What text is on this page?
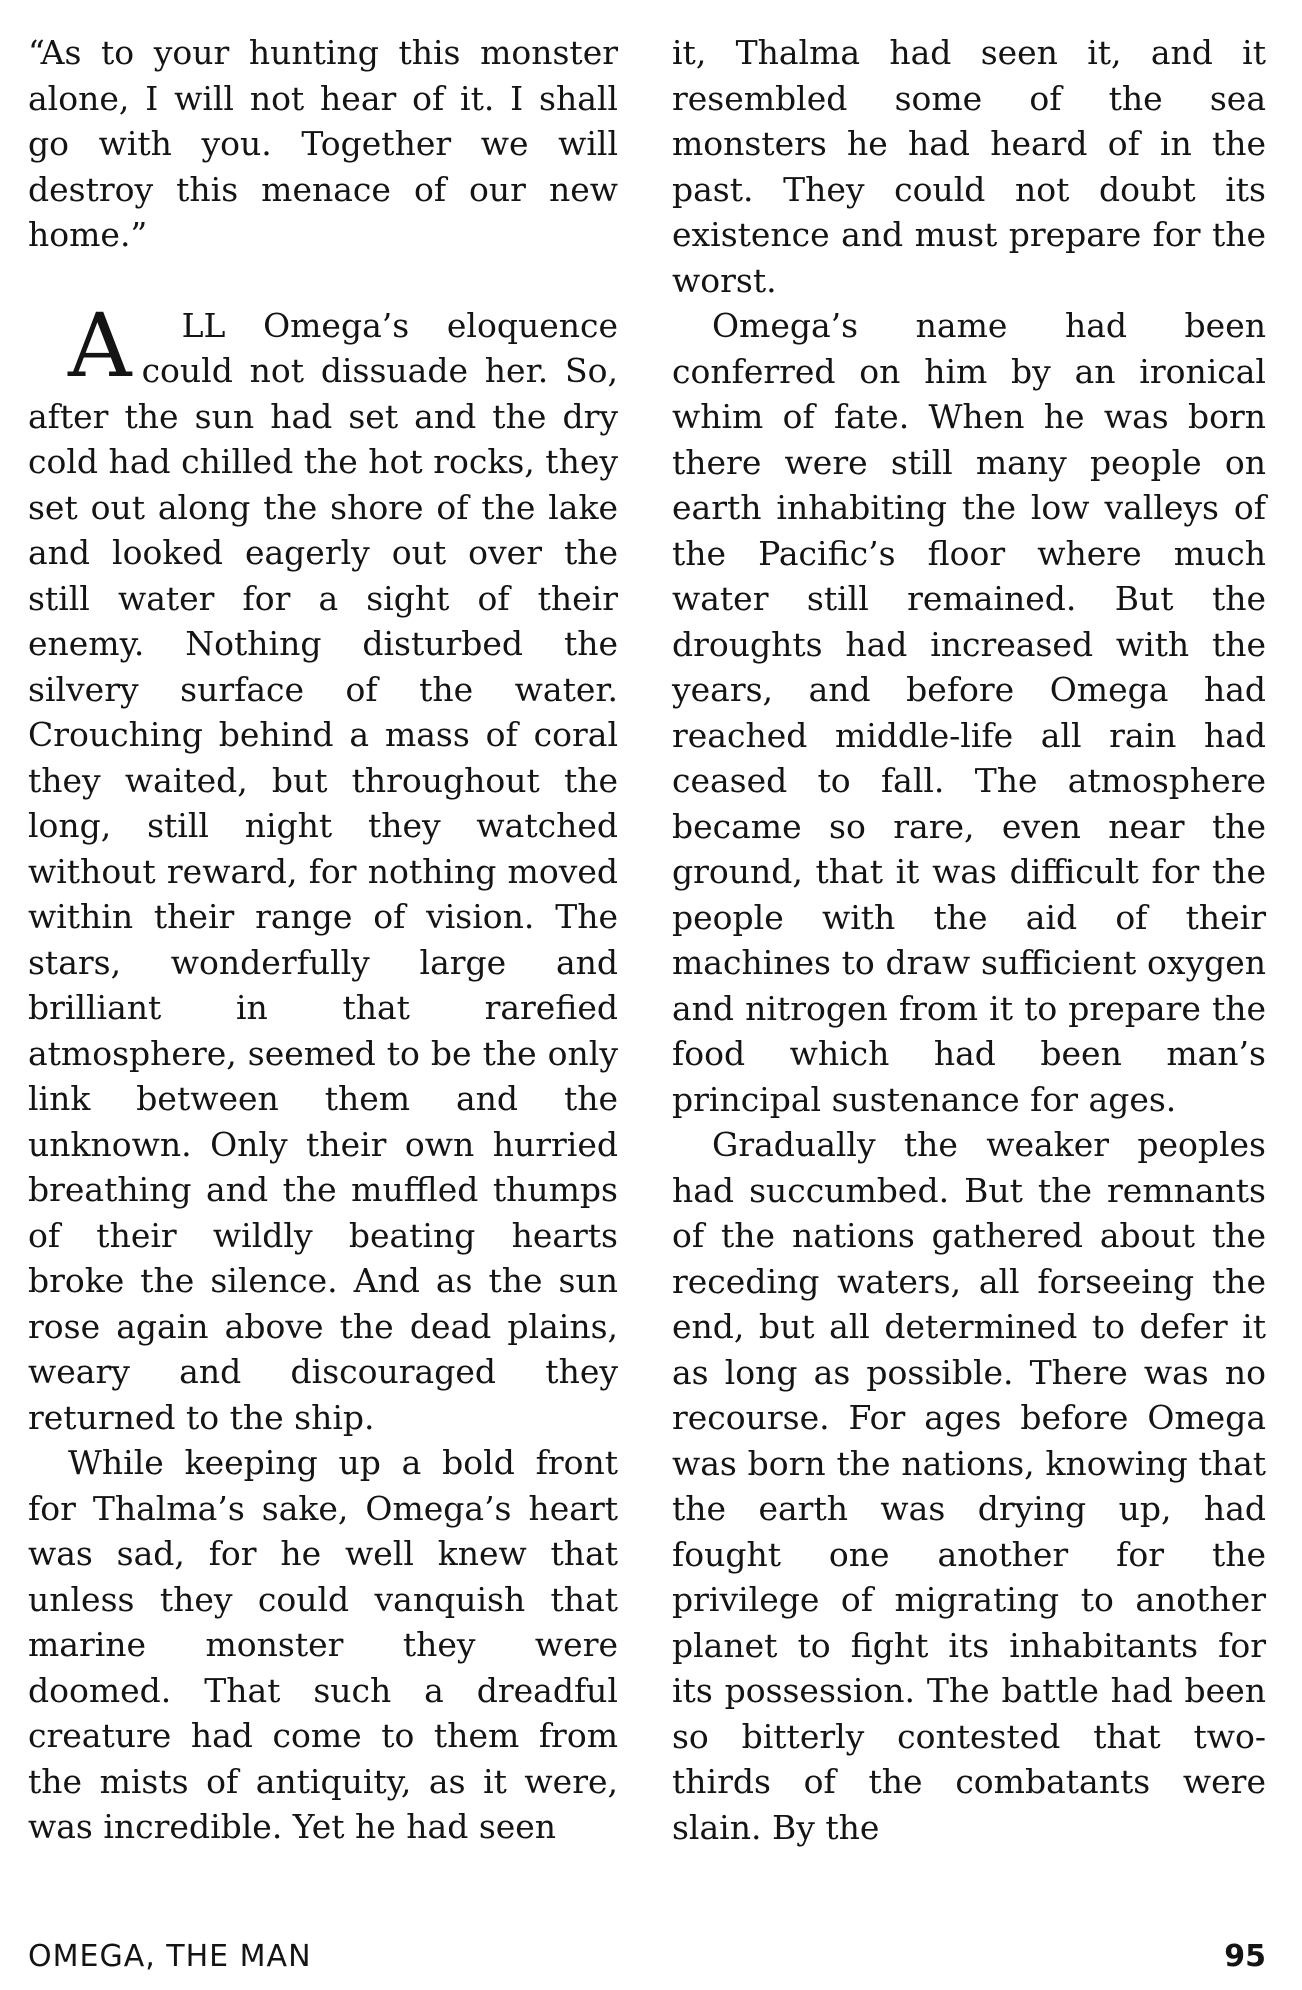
“As to your hunting this monster alone, I will not hear of it. I shall go with you. Together we will destroy this menace of our new home.”

A LL Omega’s eloquence could not dissuade her. So, after the sun had set and the dry cold had chilled the hot rocks, they set out along the shore of the lake and looked eagerly out over the still water for a sight of their enemy. Nothing disturbed the silvery surface of the water. Crouching behind a mass of coral they waited, but throughout the long, still night they watched without reward, for nothing moved within their range of vision. The stars, wonderfully large and brilliant in that rarefied atmosphere, seemed to be the only link between them and the unknown. Only their own hurried breathing and the muffled thumps of their wildly beating hearts broke the silence. And as the sun rose again above the dead plains, weary and discouraged they returned to the ship.

While keeping up a bold front for Thalma’s sake, Omega’s heart was sad, for he well knew that unless they could vanquish that marine monster they were doomed. That such a dreadful creature had come to them from the mists of antiquity, as it were, was incredible. Yet he had seen

it, Thalma had seen it, and it resembled some of the sea monsters he had heard of in the past. They could not doubt its existence and must prepare for the worst.

Omega’s name had been conferred on him by an ironical whim of fate. When he was born there were still many people on earth inhabiting the low valleys of the Pacific’s floor where much water still remained. But the droughts had increased with the years, and before Omega had reached middle-life all rain had ceased to fall. The atmosphere became so rare, even near the ground, that it was difficult for the people with the aid of their machines to draw sufficient oxygen and nitrogen from it to prepare the food which had been man’s principal sustenance for ages.

Gradually the weaker peoples had succumbed. But the remnants of the nations gathered about the receding waters, all forseeing the end, but all determined to defer it as long as possible. There was no recourse. For ages before Omega was born the nations, knowing that the earth was drying up, had fought one another for the privilege of migrating to another planet to fight its inhabitants for its possession. The battle had been so bitterly contested that two-thirds of the combatants were slain. By the

OMEGA, THE MAN	95
